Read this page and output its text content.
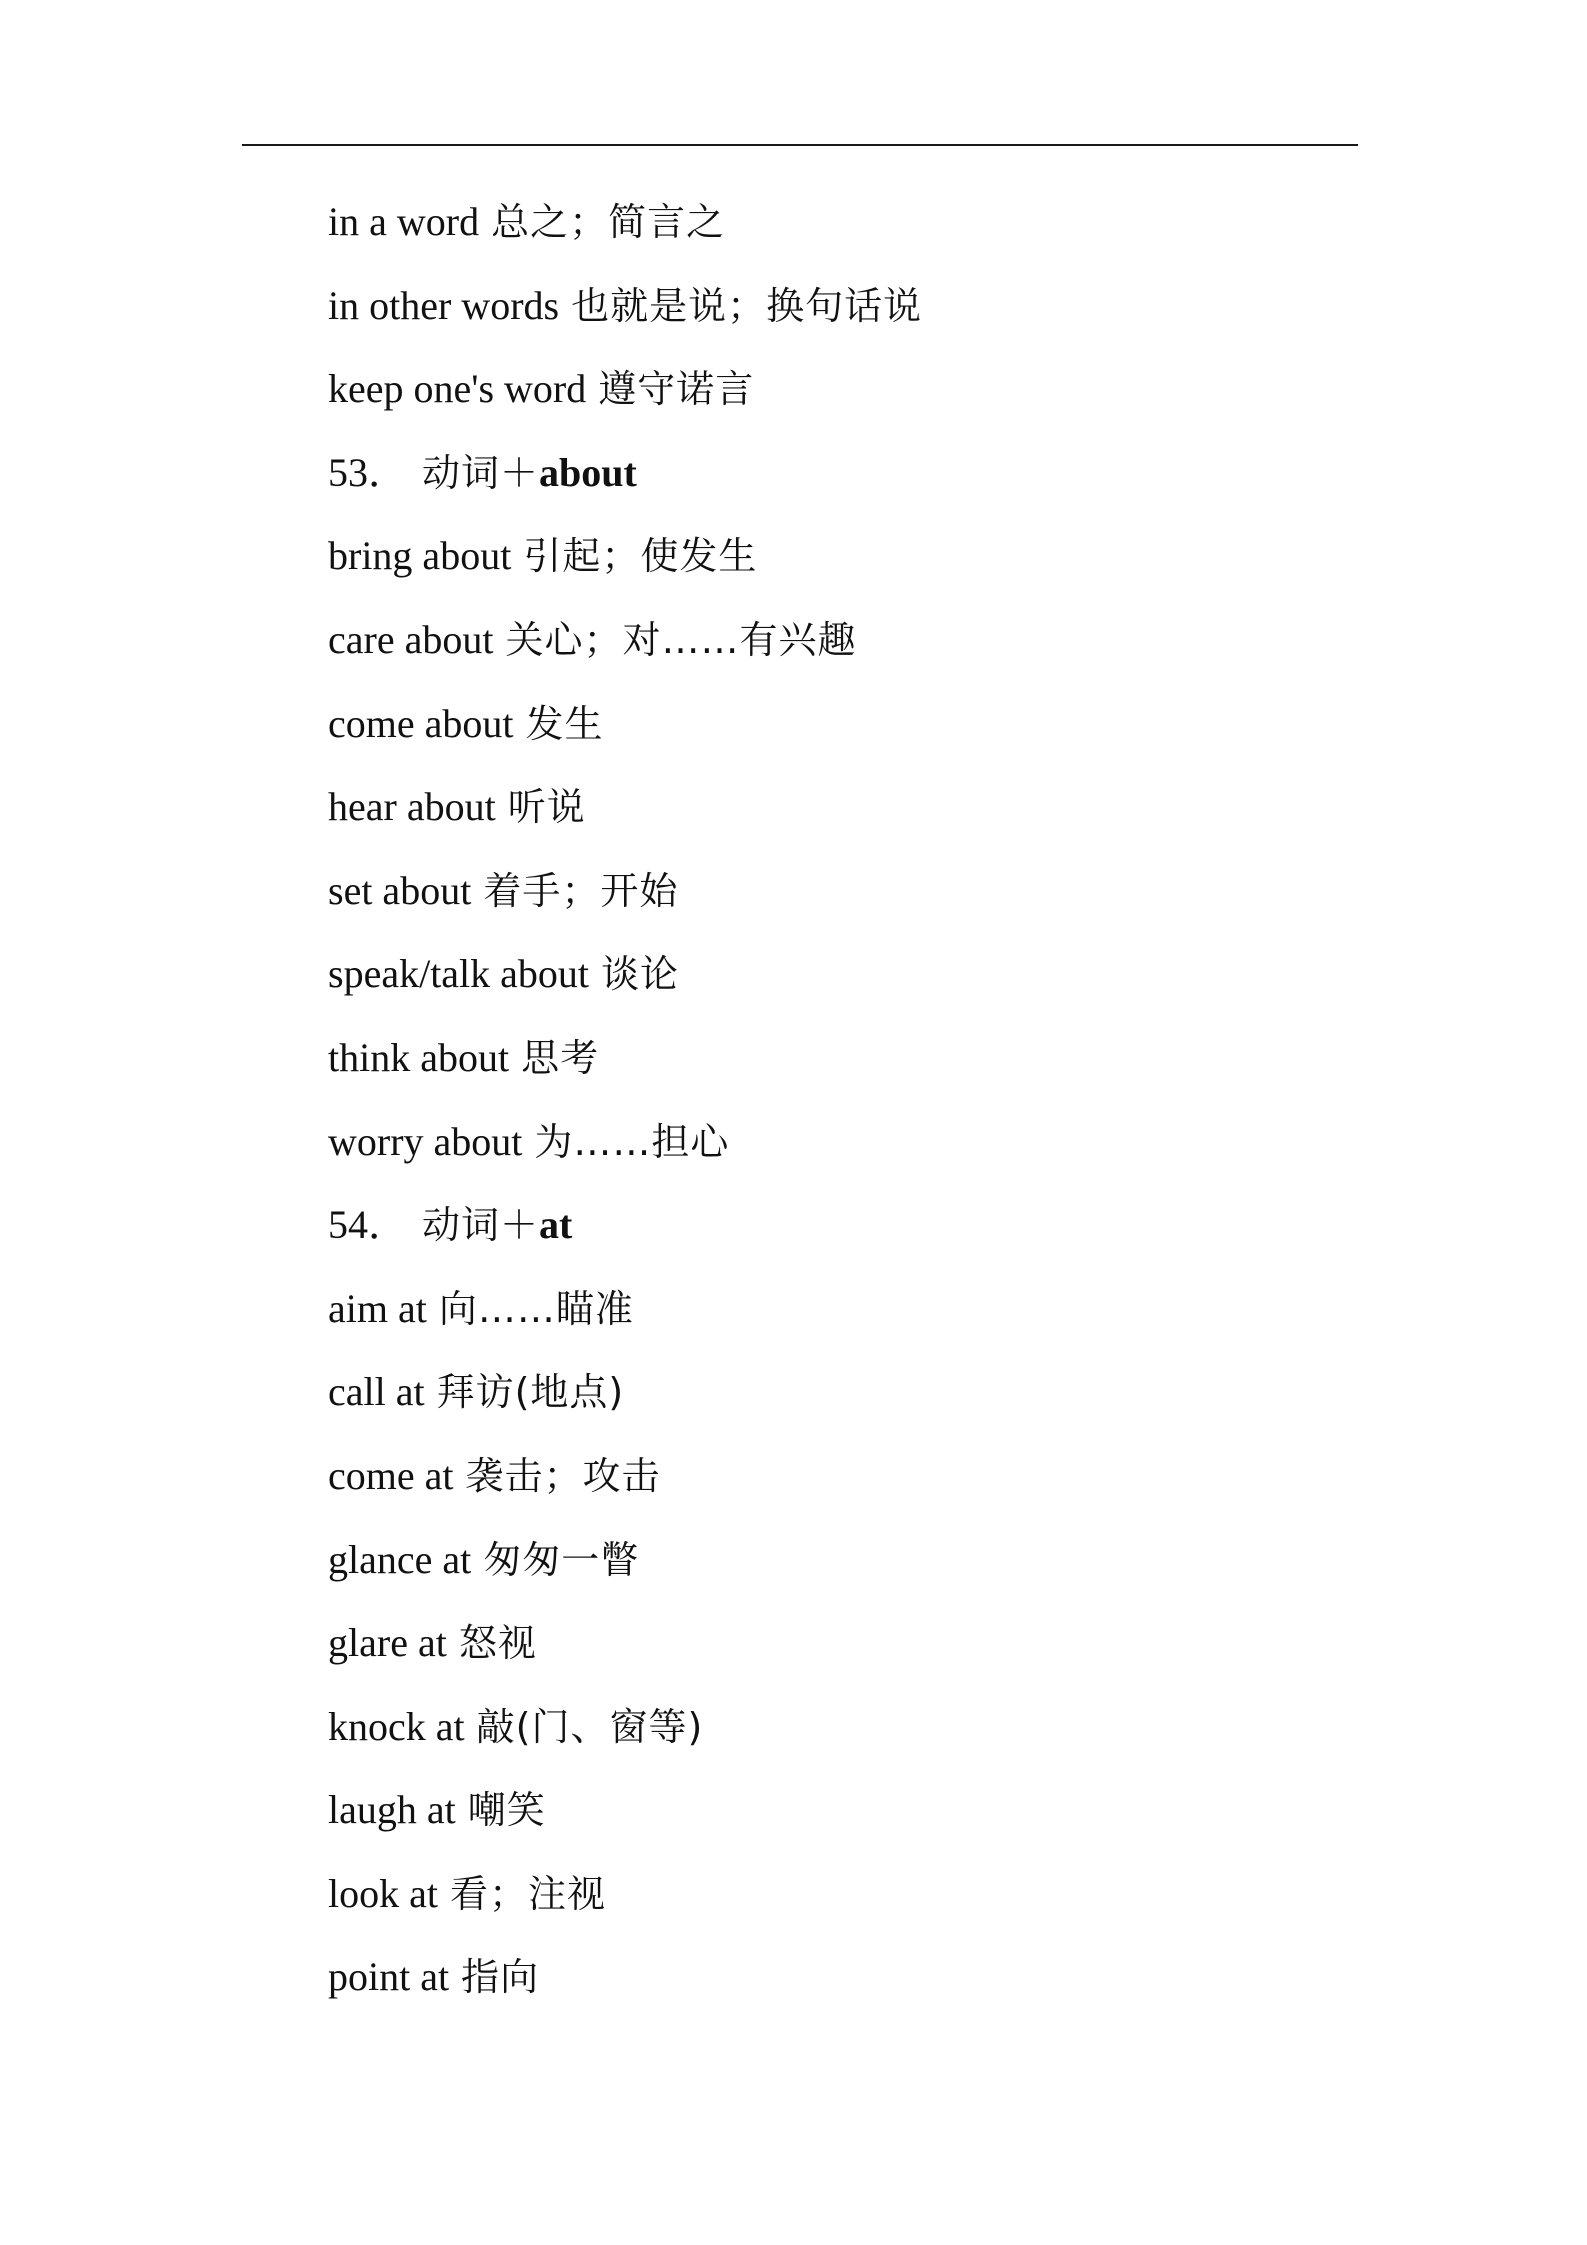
in a word 总之；简言之
in other words 也就是说；换句话说
keep one's word 遵守诺言
53． 动词＋about
bring about 引起；使发生
care about 关心；对……有兴趣
come about 发生
hear about 听说
set about 着手；开始
speak/talk about 谈论
think about 思考
worry about 为……担心
54． 动词＋at
aim at 向……瞄准
call at 拜访(地点)
come at 袭击；攻击
glance at 匆匆一瞥
glare at 怒视
knock at 敲(门、窗等)
laugh at 嘲笑
look at 看；注视
point at 指向
